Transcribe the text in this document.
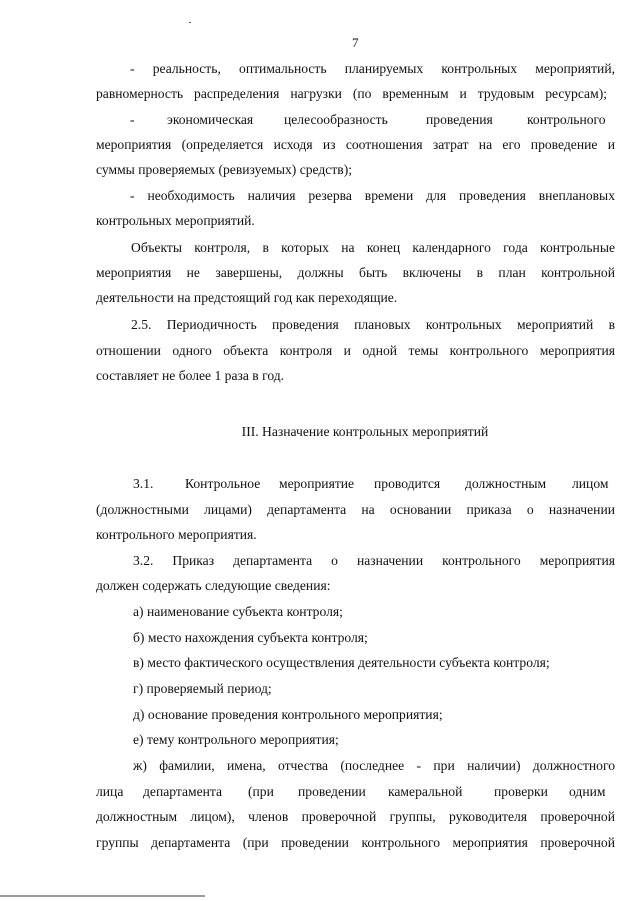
7
- реальность, оптимальность планируемых контрольных мероприятий,
равномерность распределения нагрузки (по временным и трудовым ресурсам);
- экономическая целесообразность	проведения	контрольного
мероприятия (определяется исходя из соотношения затрат на его проведение и
суммы проверяемых (ревизуемых) средств);
- необходимость наличия резерва времени для проведения внеплановых
контрольных мероприятий.
Объекты контроля, в которых на конец календарного года контрольные
мероприятия не завершены, должны быть включены в план контрольной
деятельности на предстоящий год как переходящие.
2.5. Периодичность проведения плановых контрольных мероприятий в
отношении одного объекта контроля и одной темы контрольного мероприятия
составляет не более 1 раза в год.
III. Назначение контрольных мероприятий
3.1. Контрольное мероприятие проводится должностным лицом
(должностными лицами) департамента на основании приказа о назначении
контрольного мероприятия.
3.2. Приказ департамента о назначении контрольного мероприятия
должен содержать следующие сведения:
а) наименование субъекта контроля;
б) место нахождения субъекта контроля;
в) место фактического осуществления деятельности субъекта контроля;
г) проверяемый период;
д) основание проведения контрольного мероприятия;
е) тему контрольного мероприятия;
ж) фамилии, имена, отчества (последнее - при наличии) должностного
лица департамента (при проведении камеральной проверки одним
должностным лицом), членов проверочной группы, руководителя проверочной
группы департамента (при проведении контрольного мероприятия проверочной
